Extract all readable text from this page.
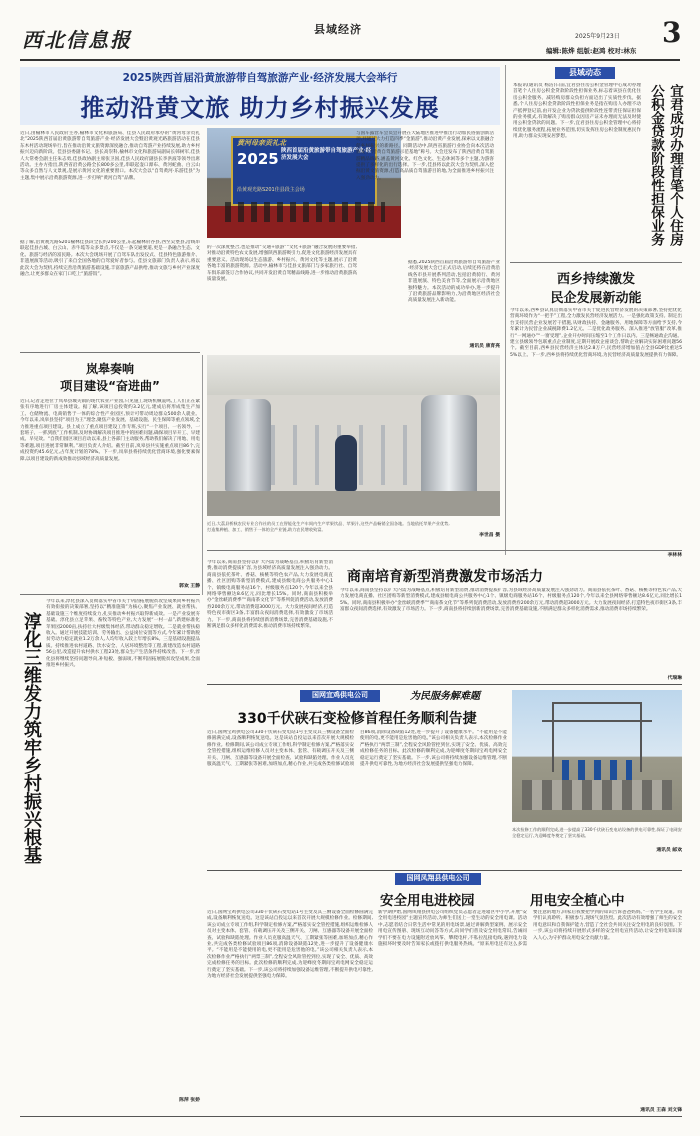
西北信息报	县域经济
2025年9月23日
编辑:陈烨 组版:赵鸿 校对:林东
3
2025陕西首届沿黄旅游带自驾旅游产业·经济发展大会举行
推动沿黄文旅 助力乡村振兴发展
近日,由榆林市人民政府主办,榆林市文化和旅游局、佳县人民政府承办的“黄河母亲贡礼北”2025陕西首届沿黄旅游带自驾旅游产业·经济发展大会暨沿黄观光路旅游活动在佳县东木村活动现场举行,旨在推动沿黄文旅资源深度融合,推动自驾游产业持续发展,助力乡村振兴迈向新阶段。佳县县委副书记、县长高崇科,榆林市文化和旅游局副局长韩树军,佳县人大常委会副主任朱志勇,佳县政协副主席张卫国,佳县人民政府副县长李洪波等领导出席活动。主办方指出,陕西省沿黄公路全长800多公里,串联起壶口瀑布、黄河蛇曲、白云山等众多自然与人文景观,是展示黄河文化的重要窗口。本次大会以“自驾黄河·乐游佳县”为主题,集中展示沿黄旅游资源,进一步打响“黄河自驾”品牌。
据了解,沿黄观光路S201榆林佳县段全长约200公里,东起榆林府谷县,西至吴堡县,沿线串联起佳县古城、白云山、赤牛坬等众多景点,不仅是一条交通要道,更是一条融合生态、文化、旅游与经济的富民路。本次大会现场开展了自驾车队出发仪式、佳县特色旅游推介、非遗展演等活动,吸引了来自全国各地的自驾爱好者参与。佳县文旅部门负责人表示,将以此次大会为契机,持续完善沿黄旅游基础设施,丰富旅游产品供给,推动文旅与乡村产业深度融合,让更多群众在家门口吃上“旅游饭”。
黄河母亲贡礼北
2025 陕西首届沿黄旅游带自驾旅游产业·经济发展大会
沿黄观光路S201佳县段主会场
的一次深度整合,也是推动“交通+旅游”“文化+旅游”融合发展的重要举措,对推动沿黄特色农文发展,增强陕西旅游吸引力,促进文化旅游经济发展具有重要意义。活动现场以生态旅游、乡村振兴、黄河文化等主题,展示了沿黄各地丰富的旅游资源。活动中,榆林市与佳县文旅部门与多家旅行社、自驾车俱乐部签订合作协议,共同开发沿黄自驾精品线路,进一步推动沿黄旅游高质量发展。
与国车露营车会员会开展在大陆地区推进中推出行动加民俗旅创新活动,并通过大力打造四季“金旅游”,推动沿黄产业发展,探索以文旅融合促乡村振兴的新路径。同期活动中,陕西省旅游行业协会向本次活动颁发了“沿黄自驾旅游示范基地”称号。大会还发布了陕西沿黄自驾旅游精品线路,涵盖黄河文化、红色文化、生态休闲等多个主题,为游客提供了多样化的出行选择。下一步,佳县将以此次大会为契机,深入挖掘沿黄文旅资源,打造高品质自驾旅游目的地,为全面推进乡村振兴注入强劲动力。
据悉,2025陕西首届沿黄旅游带自驾旅游产业·经济发展大会已正式启动,后续还将在沿黄沿线各市县开展系列活动,包括沿黄骑行、黄河非遗展演、特色美食节等,全面展示沿黄地区独特魅力。本次活动的成功举办,进一步提升了沿黄旅游品牌影响力,为沿黄地区经济社会高质量发展注入新动能。
通讯员 康育亮
近日,大荔县桥秋农民专业合作社的员工在智能化生产车间内生产苹果饮品、苹果汁,这些产品畅销全国各地。当地依托苹果产业优势,打造集种植、加工、销售于一体的全产业链,助力农民增收致富。
李世昌 摄
岚皋奏响
项目建设“奋进曲”
近日,记者走进位于岚皋县城关镇的现代农业产业园,只见施工现场机械轰鸣,工人们正在紧张有序地进行厂房主体建设。据了解,该项目总投资约3.2亿元,建成后将形成集生产加工、仓储物流、电商销售于一体的综合性产业园区,预计可带动周边群众500余人就业。今年以来,岚皋县坚持“项目为王”理念,聚焦产业发展、基础设施、民生保障等重点领域,全力推进重点项目建设。县上成立了重点项目建设工作专班,实行“一个项目、一名领导、一套班子、一抓到底”工作机制,及时协调解决项目推进中的困难问题,确保项目早开工、早建成、早见效。“自我们园区项目启动以来,县上各部门主动服务,帮助我们解决了用地、用电等难题,项目进展非常顺利。”项目负责人介绍。截至目前,岚皋县共实施重点项目86个,完成投资约45.6亿元,占年度计划的78%。下一步,岚皋县将持续优化营商环境,强化要素保障,以项目建设的新成效推动县域经济高质量发展。
郭欢 王静
淳化三维发力筑牢乡村振兴根基
今年以来,淳化县深入贯彻落实中省市关于巩固拓展脱贫攻坚成果同乡村振兴有效衔接的决策部署,坚持以“精准施策”为核心,聚焦产业发展、就业帮扶、基础设施三个维度持续发力,扎实推动乡村振兴取得新成效。一是产业发展夯基础。淳化县立足苹果、畜牧等特色产业,大力发展“一村一品”,新建标准化苹果园2000亩,扶持壮大村级集体经济,带动群众稳定增收。二是就业帮扶稳收入。通过开展技能培训、劳务输出、公益岗位安置等方式,今年累计帮助脱贫劳动力稳定就业1.2万余人,人均年收入较上年增长8%。三是基础设施提品质。持续推进农村道路、饮水安全、人居环境整治等工程,新建改造农村道路56公里,改造提升农村供水工程23处,群众生产生活条件持续改善。下一步,淳化县将继续坚持问题导向,补短板、强弱项,不断巩固拓展脱贫攻坚成果,全面推进乡村振兴。
陈萍 张娇
县域动态
本报讯(通讯员 杨洁)日前,宜君县住房公积金管理中心成功办理首笔个人住房公积金贷款阶段性担保业务,标志着该县在优化住房公积金服务、减轻购房群众负担方面迈出了实质性步伐。据悉,个人住房公积金贷款阶段性担保业务是指在购房人办理不动产抵押登记前,由开发企业为贷款提供阶段性连带责任保证担保的业务模式,有效解决了购房群众因房产证未办理而无法及时使用公积金贷款的问题。下一步,宜君县住房公积金管理中心将持续优化服务流程,拓展业务范围,切实发挥住房公积金制度惠民作用,助力群众实现安居梦想。	宜君成功办理首笔个人住房
公积金贷款阶段性担保业务
西乡持续激发
民企发展新动能
今年以来,西乡县认真贯彻落实中省市关于促进民营经济发展的决策部署,坚持把优化营商环境作为“一把手”工程,全力激发民营经济发展活力。一是强化政策支持。制定出台支持民营企业发展若干措施,从财政扶持、金融服务、用地保障等方面给予支持,今年累计为民营企业减税降费1.2亿元。二是优化政务服务。深入推进“放管服”改革,推行“一网通办”“一窗受理”,企业开办时间压缩至1个工作日以内。三是畅通政企沟通。建立县级领导包联重点企业制度,定期开展政企座谈会,帮助企业解决实际困难问题56个。截至目前,西乡县民营经济主体达2.8万户,民营经济增加值占全县GDP比重达55%以上。下一步,西乡县将持续优化营商环境,为民营经济高质量发展提供有力保障。
李林林
商南培育新型消费激发市场活力
今年以来,商南县坚持以扩大内需为战略基点,积极培育新型消费,推动消费提质扩容,为县域经济高质量发展注入强劲动力。商南县依托茶叶、香菇、核桃等特色农产品,大力发展电商直播、社区团购等新型消费模式,建成县级电商公共服务中心1个、镇级电商服务站16个、村级服务点120个,今年以来全县网络零售额达8.6亿元,同比增长15%。同时,商南县积极举办“金丝峡消费季”“商南茶文化节”等系列促消费活动,发放消费券200余万元,带动消费超3000万元。大力发展夜间经济,打造特色夜市街区3条,丰富群众夜间消费选择,有效激发了市场活力。下一步,商南县将持续创新消费场景,完善消费基础设施,不断满足群众多样化消费需求,推动消费市场持续繁荣。
今年以来,商南县坚持以扩大内需为战略基点,积极培育新型消费,推动消费提质扩容,为县域经济高质量发展注入强劲动力。商南县依托茶叶、香菇、核桃等特色农产品,大力发展电商直播、社区团购等新型消费模式,建成县级电商公共服务中心1个、镇级电商服务站16个、村级服务点120个,今年以来全县网络零售额达8.6亿元,同比增长15%。同时,商南县积极举办“金丝峡消费季”“商南茶文化节”等系列促消费活动,发放消费券200余万元,带动消费超3000万元。大力发展夜间经济,打造特色夜市街区3条,丰富群众夜间消费选择,有效激发了市场活力。下一步,商南县将持续创新消费场景,完善消费基础设施,不断满足群众多样化消费需求,推动消费市场持续繁荣。
代瑞琳
国网宜鸡供电公司	为民服务解难题
330千伏硖石变检修首程任务顺利告捷
近日,国网宝鸡供电公司330千伏硖石变电站1号主变及其三侧设备全面检修圆满完成,设备顺利恢复送电。这是该站自投运以来首次开展大规模检修作业。检修期间,该公司成立专项工作组,科学制定检修方案,严格落实安全管控措施,组织运维检修人员对主变本体、套管、有载调压开关及三侧开关、刀闸、互感器等设备开展全面检查、试验和缺陷处理。作业人员克服高温天气、工期紧张等困难,加班加点,精心作业,共完成各类检修试验项目86项,消除设备缺陷12处,进一步提升了设备健康水平。“不能用是不能使用的电,更不能用是危害他的电。”该公司相关负责人表示,本次检修作业严格执行“两票三制”,全程安全风险管控到位,实现了安全、优质、高效完成检修任务的目标。此次检修的顺利完成,为迎峰度冬期间宝鸡电网安全稳定运行奠定了坚实基础。下一步,该公司将持续加强设备运维管理,不断提升供电可靠性,为地方经济社会发展提供坚强电力保障。
本次检修工作的顺利完成,进一步提高了330千伏硖石变电站设备的供电可靠性,保证了电网安全稳定运行,为迎峰度冬奠定了坚实基础。
通讯员 邮欢
国网凤翔县供电公司
安全用电进校园	用电安全植心中
新学期伊始,国网凤翔县供电公司组织党员志愿者走进辖区中小学,开展“安全用电进校园”主题宣传活动,为师生们送上一堂生动的安全用电课。活动中,志愿者结合日常生活中常见的用电场景,通过讲解典型案例、展示安全用电宣传图册、现场互动问答等方式,向同学们普及安全用电常识,告诫同学们不要在电力设施附近放风筝、攀爬电杆,不私拉乱接电线,遇到电力设施损坏时要及时告知家长或拨打供电服务热线。“原来用电还有这么多需要注意的地方,回家后我要把学到的知识告诉爸爸妈妈。”一名学生说道。同学们认真聆听、积极参与,现场气氛热烈。此次活动有效增强了师生的安全用电意识和自我保护能力,营造了全社会共同关注安全用电的良好氛围。下一步,该公司将持续开展形式多样的安全用电宣传活动,让安全用电知识深入人心,为守护群众用电安全贡献力量。
通讯员 王森 刘文锋
近日,国网宝鸡供电公司330千伏硖石变电站1号主变及其三侧设备全面检修圆满完成,设备顺利恢复送电。这是该站自投运以来首次开展大规模检修作业。检修期间,该公司成立专项工作组,科学制定检修方案,严格落实安全管控措施,组织运维检修人员对主变本体、套管、有载调压开关及三侧开关、刀闸、互感器等设备开展全面检查、试验和缺陷处理。作业人员克服高温天气、工期紧张等困难,加班加点,精心作业,共完成各类检修试验项目86项,消除设备缺陷12处,进一步提升了设备健康水平。“不能用是不能使用的电,更不能用是危害他的电。”该公司相关负责人表示,本次检修作业严格执行“两票三制”,全程安全风险管控到位,实现了安全、优质、高效完成检修任务的目标。此次检修的顺利完成,为迎峰度冬期间宝鸡电网安全稳定运行奠定了坚实基础。下一步,该公司将持续加强设备运维管理,不断提升供电可靠性,为地方经济社会发展提供坚强电力保障。
